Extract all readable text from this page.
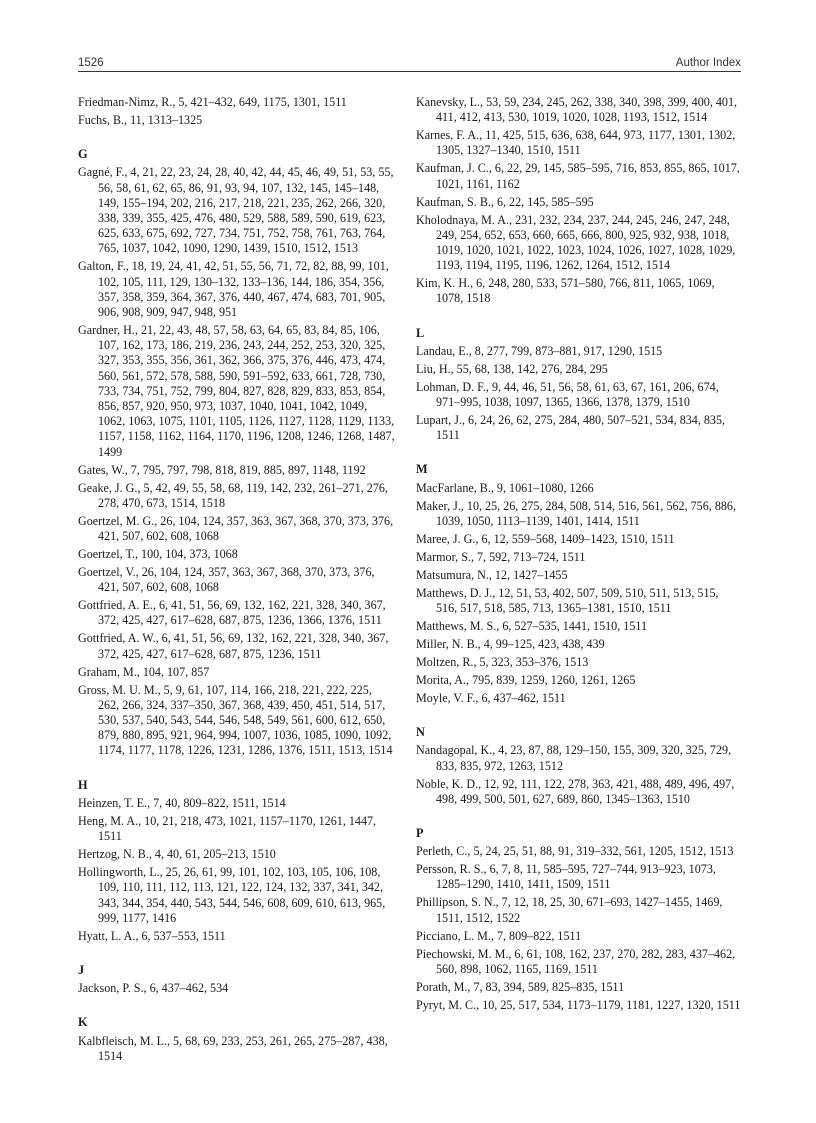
1526	Author Index
Friedman-Nimz, R., 5, 421–432, 649, 1175, 1301, 1511
Fuchs, B., 11, 1313–1325
G
Gagné, F., 4, 21, 22, 23, 24, 28, 40, 42, 44, 45, 46, 49, 51, 53, 55, 56, 58, 61, 62, 65, 86, 91, 93, 94, 107, 132, 145, 145–148, 149, 155–194, 202, 216, 217, 218, 221, 235, 262, 266, 320, 338, 339, 355, 425, 476, 480, 529, 588, 589, 590, 619, 623, 625, 633, 675, 692, 727, 734, 751, 752, 758, 761, 763, 764, 765, 1037, 1042, 1090, 1290, 1439, 1510, 1512, 1513
Galton, F., 18, 19, 24, 41, 42, 51, 55, 56, 71, 72, 82, 88, 99, 101, 102, 105, 111, 129, 130–132, 133–136, 144, 186, 354, 356, 357, 358, 359, 364, 367, 376, 440, 467, 474, 683, 701, 905, 906, 908, 909, 947, 948, 951
Gardner, H., 21, 22, 43, 48, 57, 58, 63, 64, 65, 83, 84, 85, 106, 107, 162, 173, 186, 219, 236, 243, 244, 252, 253, 320, 325, 327, 353, 355, 356, 361, 362, 366, 375, 376, 446, 473, 474, 560, 561, 572, 578, 588, 590, 591–592, 633, 661, 728, 730, 733, 734, 751, 752, 799, 804, 827, 828, 829, 833, 853, 854, 856, 857, 920, 950, 973, 1037, 1040, 1041, 1042, 1049, 1062, 1063, 1075, 1101, 1105, 1126, 1127, 1128, 1129, 1133, 1157, 1158, 1162, 1164, 1170, 1196, 1208, 1246, 1268, 1487, 1499
Gates, W., 7, 795, 797, 798, 818, 819, 885, 897, 1148, 1192
Geake, J. G., 5, 42, 49, 55, 58, 68, 119, 142, 232, 261–271, 276, 278, 470, 673, 1514, 1518
Goertzel, M. G., 26, 104, 124, 357, 363, 367, 368, 370, 373, 376, 421, 507, 602, 608, 1068
Goertzel, T., 100, 104, 373, 1068
Goertzel, V., 26, 104, 124, 357, 363, 367, 368, 370, 373, 376, 421, 507, 602, 608, 1068
Gottfried, A. E., 6, 41, 51, 56, 69, 132, 162, 221, 328, 340, 367, 372, 425, 427, 617–628, 687, 875, 1236, 1366, 1376, 1511
Gottfried, A. W., 6, 41, 51, 56, 69, 132, 162, 221, 328, 340, 367, 372, 425, 427, 617–628, 687, 875, 1236, 1511
Graham, M., 104, 107, 857
Gross, M. U. M., 5, 9, 61, 107, 114, 166, 218, 221, 222, 225, 262, 266, 324, 337–350, 367, 368, 439, 450, 451, 514, 517, 530, 537, 540, 543, 544, 546, 548, 549, 561, 600, 612, 650, 879, 880, 895, 921, 964, 994, 1007, 1036, 1085, 1090, 1092, 1174, 1177, 1178, 1226, 1231, 1286, 1376, 1511, 1513, 1514
H
Heinzen, T. E., 7, 40, 809–822, 1511, 1514
Heng, M. A., 10, 21, 218, 473, 1021, 1157–1170, 1261, 1447, 1511
Hertzog, N. B., 4, 40, 61, 205–213, 1510
Hollingworth, L., 25, 26, 61, 99, 101, 102, 103, 105, 106, 108, 109, 110, 111, 112, 113, 121, 122, 124, 132, 337, 341, 342, 343, 344, 354, 440, 543, 544, 546, 608, 609, 610, 613, 965, 999, 1177, 1416
Hyatt, L. A., 6, 537–553, 1511
J
Jackson, P. S., 6, 437–462, 534
K
Kalbfleisch, M. L., 5, 68, 69, 233, 253, 261, 265, 275–287, 438, 1514
Kanevsky, L., 53, 59, 234, 245, 262, 338, 340, 398, 399, 400, 401, 411, 412, 413, 530, 1019, 1020, 1028, 1193, 1512, 1514
Karnes, F. A., 11, 425, 515, 636, 638, 644, 973, 1177, 1301, 1302, 1305, 1327–1340, 1510, 1511
Kaufman, J. C., 6, 22, 29, 145, 585–595, 716, 853, 855, 865, 1017, 1021, 1161, 1162
Kaufman, S. B., 6, 22, 145, 585–595
Kholodnaya, M. A., 231, 232, 234, 237, 244, 245, 246, 247, 248, 249, 254, 652, 653, 660, 665, 666, 800, 925, 932, 938, 1018, 1019, 1020, 1021, 1022, 1023, 1024, 1026, 1027, 1028, 1029, 1193, 1194, 1195, 1196, 1262, 1264, 1512, 1514
Kim, K. H., 6, 248, 280, 533, 571–580, 766, 811, 1065, 1069, 1078, 1518
L
Landau, E., 8, 277, 799, 873–881, 917, 1290, 1515
Liu, H., 55, 68, 138, 142, 276, 284, 295
Lohman, D. F., 9, 44, 46, 51, 56, 58, 61, 63, 67, 161, 206, 674, 971–995, 1038, 1097, 1365, 1366, 1378, 1379, 1510
Lupart, J., 6, 24, 26, 62, 275, 284, 480, 507–521, 534, 834, 835, 1511
M
MacFarlane, B., 9, 1061–1080, 1266
Maker, J., 10, 25, 26, 275, 284, 508, 514, 516, 561, 562, 756, 886, 1039, 1050, 1113–1139, 1401, 1414, 1511
Maree, J. G., 6, 12, 559–568, 1409–1423, 1510, 1511
Marmor, S., 7, 592, 713–724, 1511
Matsumura, N., 12, 1427–1455
Matthews, D. J., 12, 51, 53, 402, 507, 509, 510, 511, 513, 515, 516, 517, 518, 585, 713, 1365–1381, 1510, 1511
Matthews, M. S., 6, 527–535, 1441, 1510, 1511
Miller, N. B., 4, 99–125, 423, 438, 439
Moltzen, R., 5, 323, 353–376, 1513
Morita, A., 795, 839, 1259, 1260, 1261, 1265
Moyle, V. F., 6, 437–462, 1511
N
Nandagopal, K., 4, 23, 87, 88, 129–150, 155, 309, 320, 325, 729, 833, 835, 972, 1263, 1512
Noble, K. D., 12, 92, 111, 122, 278, 363, 421, 488, 489, 496, 497, 498, 499, 500, 501, 627, 689, 860, 1345–1363, 1510
P
Perleth, C., 5, 24, 25, 51, 88, 91, 319–332, 561, 1205, 1512, 1513
Persson, R. S., 6, 7, 8, 11, 585–595, 727–744, 913–923, 1073, 1285–1290, 1410, 1411, 1509, 1511
Phillipson, S. N., 7, 12, 18, 25, 30, 671–693, 1427–1455, 1469, 1511, 1512, 1522
Picciano, L. M., 7, 809–822, 1511
Piechowski, M. M., 6, 61, 108, 162, 237, 270, 282, 283, 437–462, 560, 898, 1062, 1165, 1169, 1511
Porath, M., 7, 83, 394, 589, 825–835, 1511
Pyryt, M. C., 10, 25, 517, 534, 1173–1179, 1181, 1227, 1320, 1511
